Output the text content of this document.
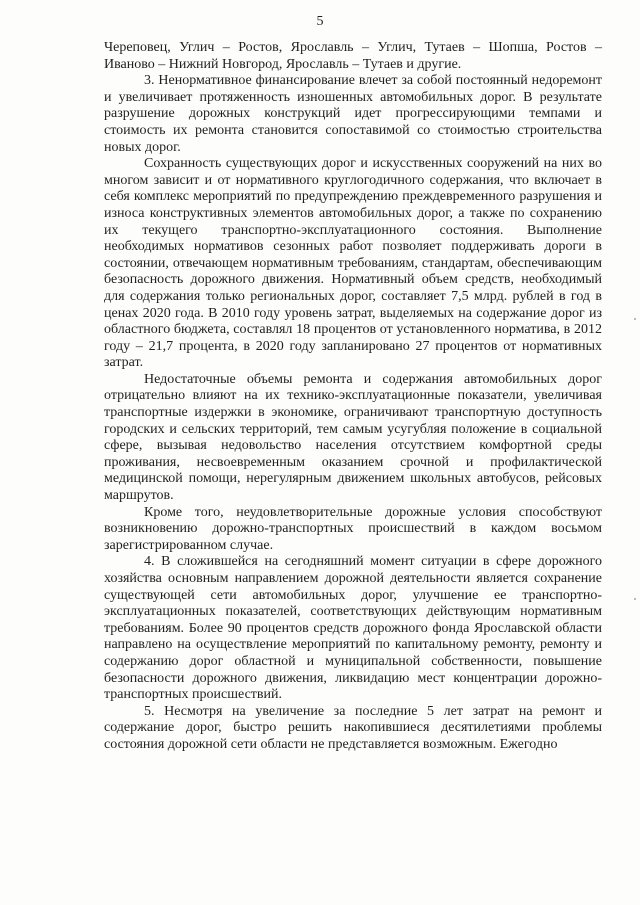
5

Череповец, Углич – Ростов, Ярославль – Углич, Тутаев – Шопша, Ростов – Иваново – Нижний Новгород, Ярославль – Тутаев и другие.

3. Ненормативное финансирование влечет за собой постоянный недоремонт и увеличивает протяженность изношенных автомобильных дорог. В результате разрушение дорожных конструкций идет прогрессирующими темпами и стоимость их ремонта становится сопоставимой со стоимостью строительства новых дорог.

Сохранность существующих дорог и искусственных сооружений на них во многом зависит и от нормативного круглогодичного содержания, что включает в себя комплекс мероприятий по предупреждению преждевременного разрушения и износа конструктивных элементов автомобильных дорог, а также по сохранению их текущего транспортно-эксплуатационного состояния. Выполнение необходимых нормативов сезонных работ позволяет поддерживать дороги в состоянии, отвечающем нормативным требованиям, стандартам, обеспечивающим безопасность дорожного движения. Нормативный объем средств, необходимый для содержания только региональных дорог, составляет 7,5 млрд. рублей в год в ценах 2020 года. В 2010 году уровень затрат, выделяемых на содержание дорог из областного бюджета, составлял 18 процентов от установленного норматива, в 2012 году – 21,7 процента, в 2020 году запланировано 27 процентов от нормативных затрат.

Недостаточные объемы ремонта и содержания автомобильных дорог отрицательно влияют на их технико-эксплуатационные показатели, увеличивая транспортные издержки в экономике, ограничивают транспортную доступность городских и сельских территорий, тем самым усугубляя положение в социальной сфере, вызывая недовольство населения отсутствием комфортной среды проживания, несвоевременным оказанием срочной и профилактической медицинской помощи, нерегулярным движением школьных автобусов, рейсовых маршрутов.

Кроме того, неудовлетворительные дорожные условия способствуют возникновению дорожно-транспортных происшествий в каждом восьмом зарегистрированном случае.

4. В сложившейся на сегодняшний момент ситуации в сфере дорожного хозяйства основным направлением дорожной деятельности является сохранение существующей сети автомобильных дорог, улучшение ее транспортно-эксплуатационных показателей, соответствующих действующим нормативным требованиям. Более 90 процентов средств дорожного фонда Ярославской области направлено на осуществление мероприятий по капитальному ремонту, ремонту и содержанию дорог областной и муниципальной собственности, повышение безопасности дорожного движения, ликвидацию мест концентрации дорожно-транспортных происшествий.

5. Несмотря на увеличение за последние 5 лет затрат на ремонт и содержание дорог, быстро решить накопившиеся десятилетиями проблемы состояния дорожной сети области не представляется возможным. Ежегодно
